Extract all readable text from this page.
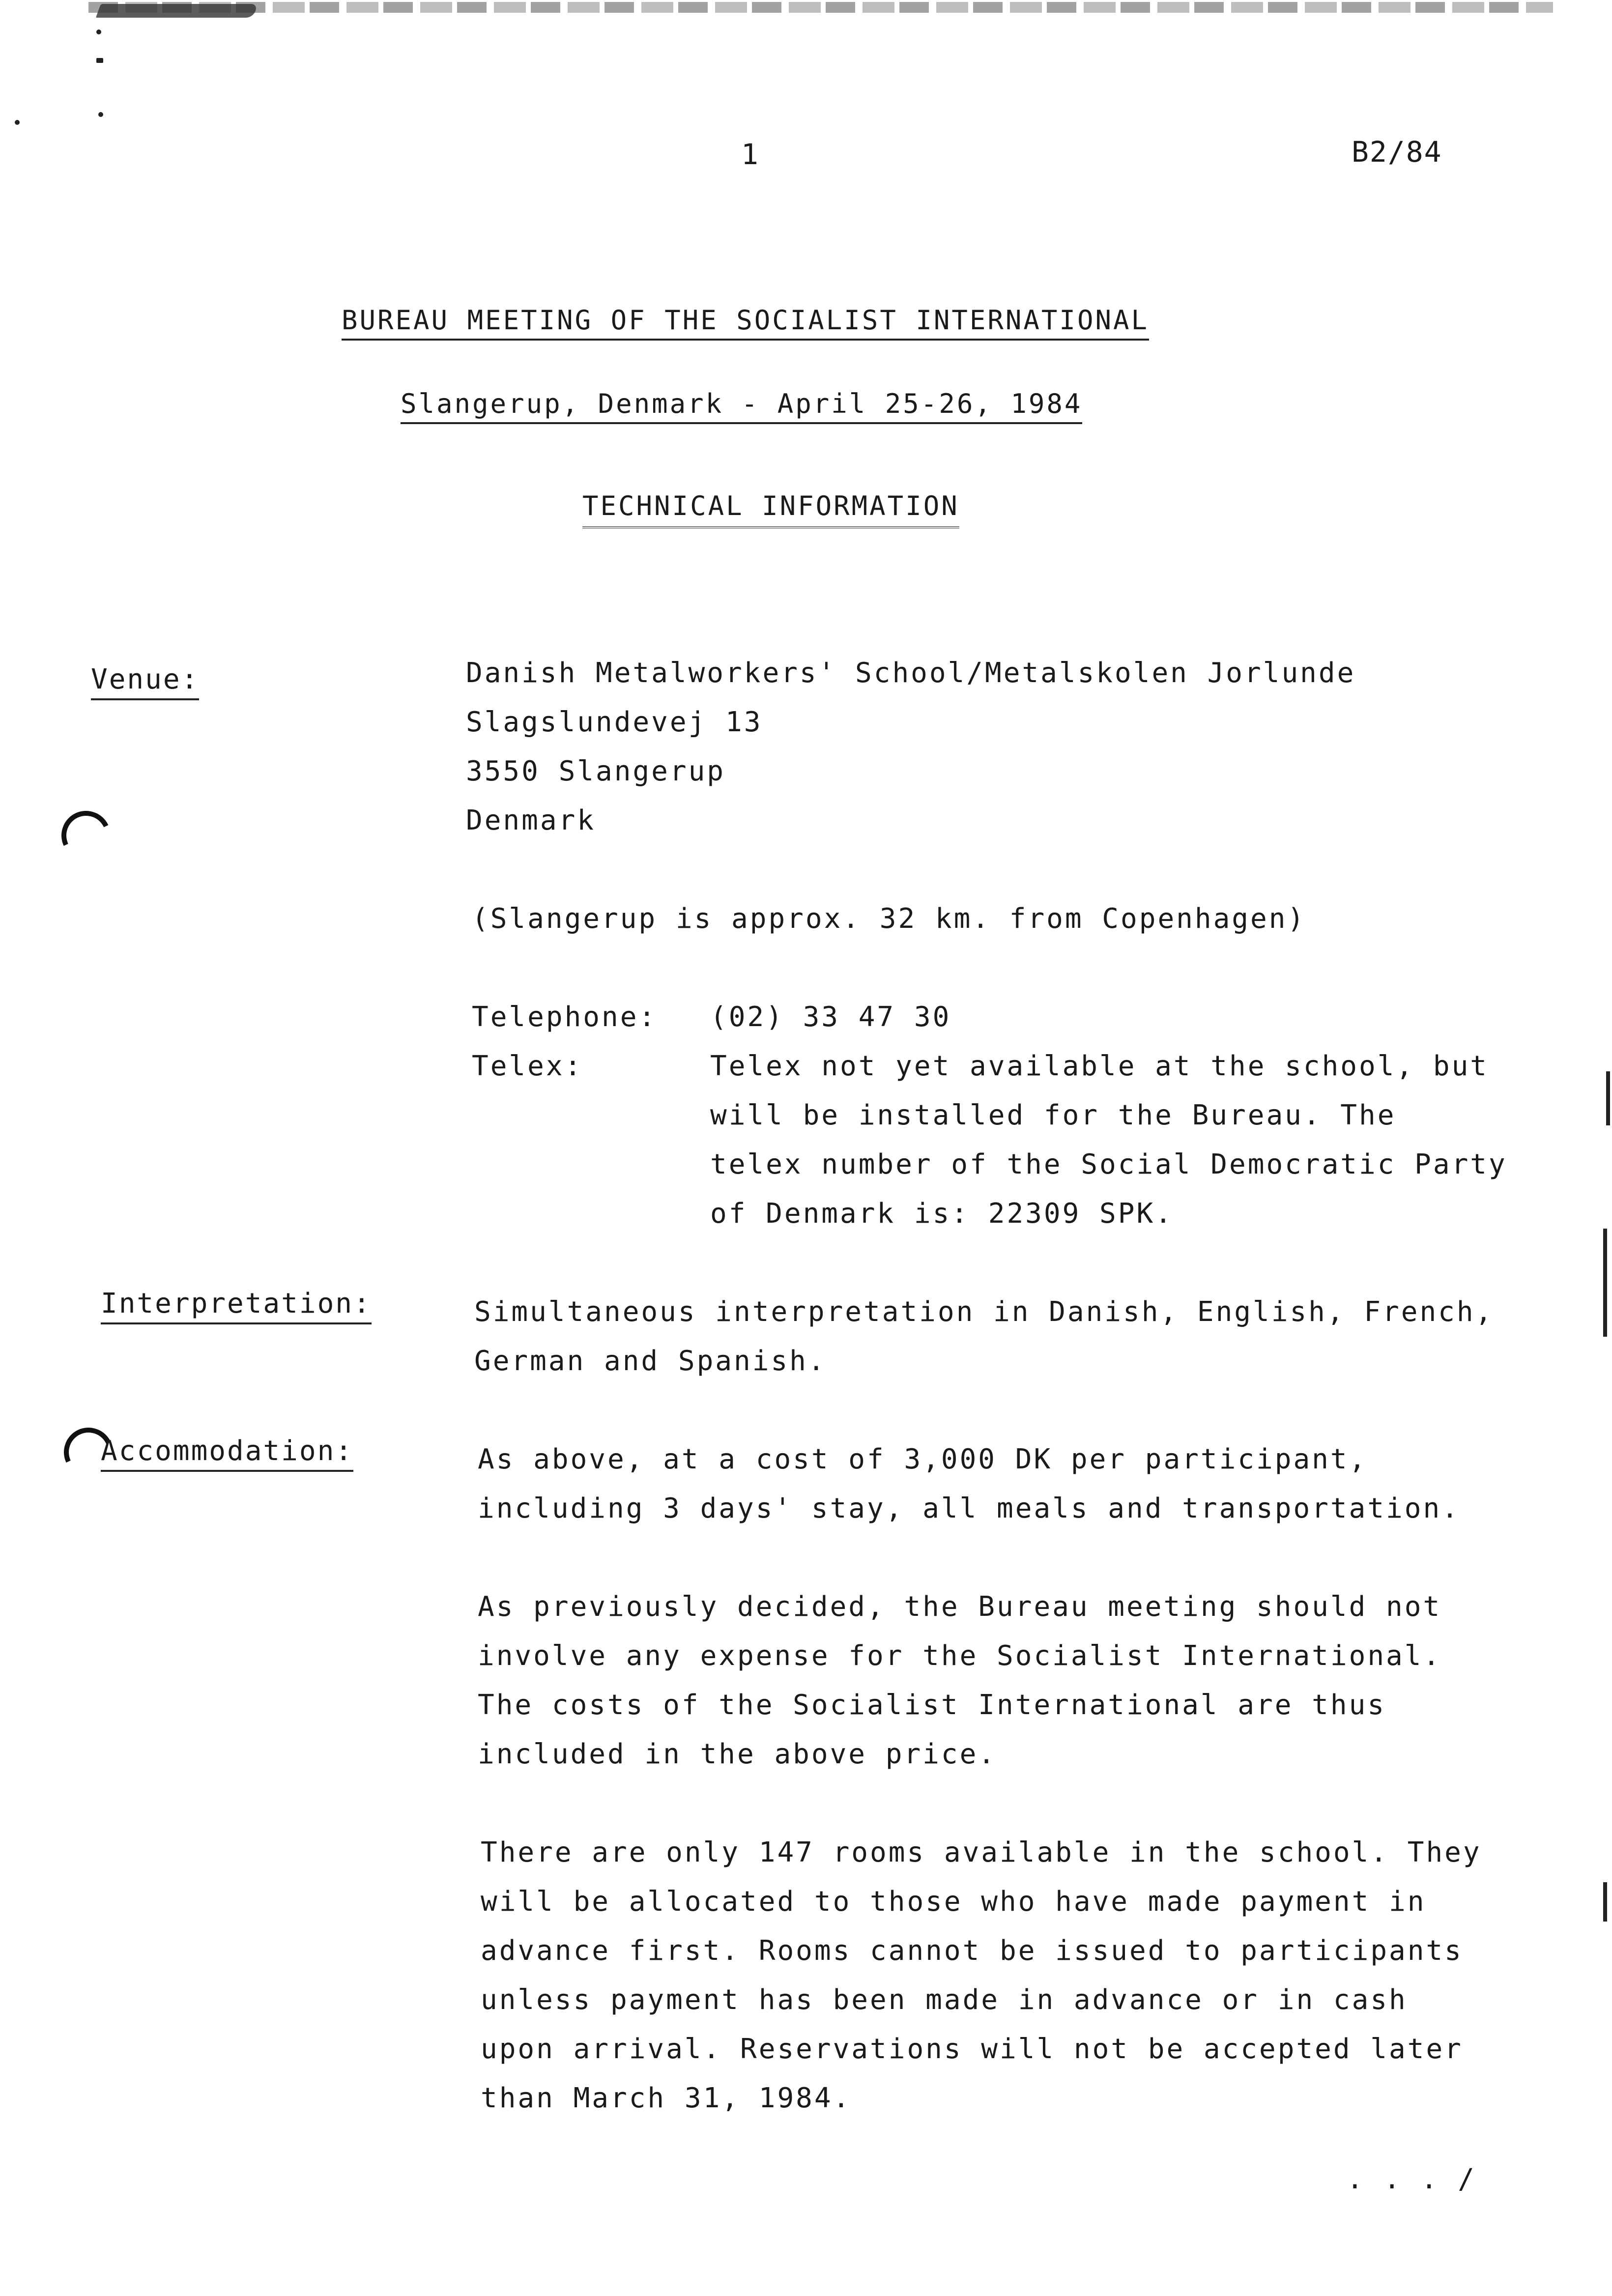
1	B2/84
BUREAU MEETING OF THE SOCIALIST INTERNATIONAL
Slangerup, Denmark - April 25-26, 1984
TECHNICAL INFORMATION
Venue:	Danish Metalworkers' School/Metalskolen Jorlunde
Slagslundevej 13
3550 Slangerup
Denmark
(Slangerup is approx. 32 km. from Copenhagen)
Telephone: (02) 33 47 30
Telex:	Telex not yet available at the school, but
will be installed for the Bureau. The
telex number of the Social Democratic Party
of Denmark is: 22309 SPK.
Interpretation:	Simultaneous interpretation in Danish, English, French,
German and Spanish.
Accommodation:	As above, at a cost of 3,000 DK per participant,
including 3 days' stay, all meals and transportation.
As previously decided, the Bureau meeting should not
involve any expense for the Socialist International.
The costs of the Socialist International are thus
included in the above price.
There are only 147 rooms available in the school. They
will be allocated to those who have made payment in
advance first. Rooms cannot be issued to participants
unless payment has been made in advance or in cash
upon arrival. Reservations will not be accepted later
than March 31, 1984.
. . . /
